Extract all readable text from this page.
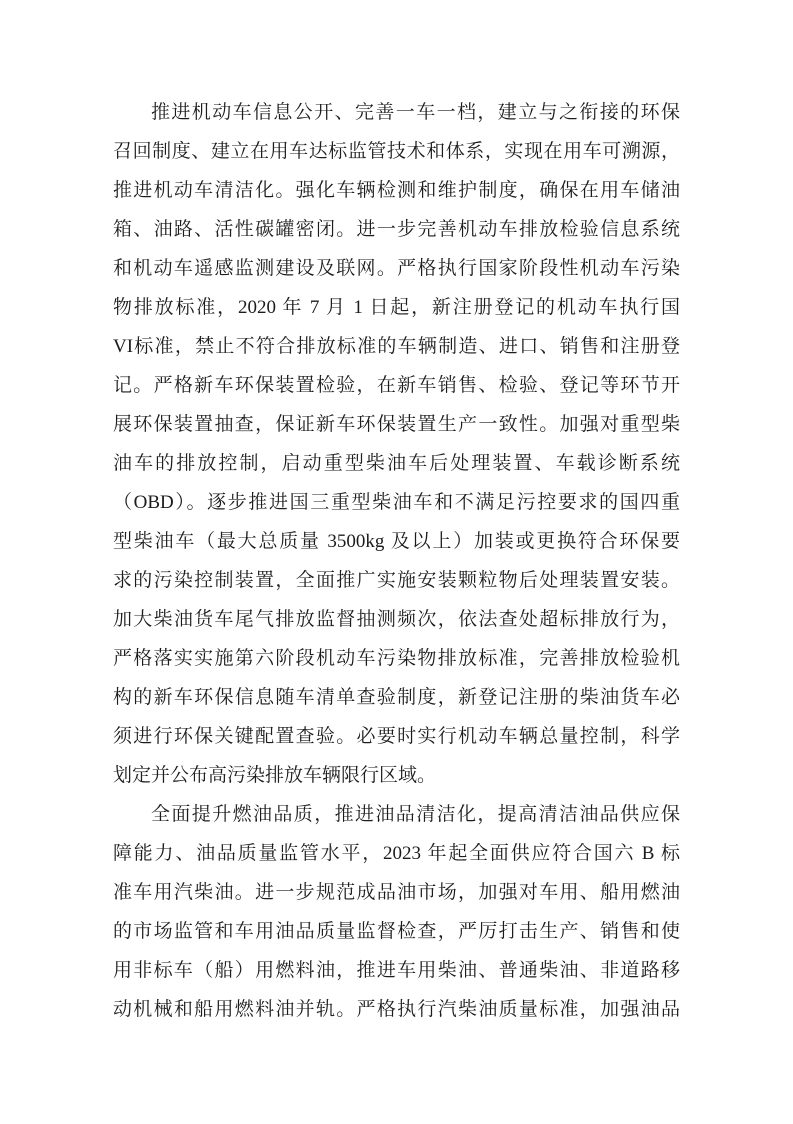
推进机动车信息公开、完善一车一档，建立与之衔接的环保
召回制度、建立在用车达标监管技术和体系，实现在用车可溯源，
推进机动车清洁化。强化车辆检测和维护制度，确保在用车储油
箱、油路、活性碳罐密闭。进一步完善机动车排放检验信息系统
和机动车遥感监测建设及联网。严格执行国家阶段性机动车污染
物排放标准，2020 年 7 月 1 日起，新注册登记的机动车执行国
VI标准，禁止不符合排放标准的车辆制造、进口、销售和注册登
记。严格新车环保装置检验，在新车销售、检验、登记等环节开
展环保装置抽查，保证新车环保装置生产一致性。加强对重型柴
油车的排放控制，启动重型柴油车后处理装置、车载诊断系统
（OBD）。逐步推进国三重型柴油车和不满足污控要求的国四重
型柴油车（最大总质量 3500kg 及以上）加装或更换符合环保要
求的污染控制装置，全面推广实施安装颗粒物后处理装置安装。
加大柴油货车尾气排放监督抽测频次，依法查处超标排放行为，
严格落实实施第六阶段机动车污染物排放标准，完善排放检验机
构的新车环保信息随车清单查验制度，新登记注册的柴油货车必
须进行环保关键配置查验。必要时实行机动车辆总量控制，科学
划定并公布高污染排放车辆限行区域。
全面提升燃油品质，推进油品清洁化，提高清洁油品供应保
障能力、油品质量监管水平，2023 年起全面供应符合国六 B 标
准车用汽柴油。进一步规范成品油市场，加强对车用、船用燃油
的市场监管和车用油品质量监督检查，严厉打击生产、销售和使
用非标车（船）用燃料油，推进车用柴油、普通柴油、非道路移
动机械和船用燃料油并轨。严格执行汽柴油质量标准，加强油品
